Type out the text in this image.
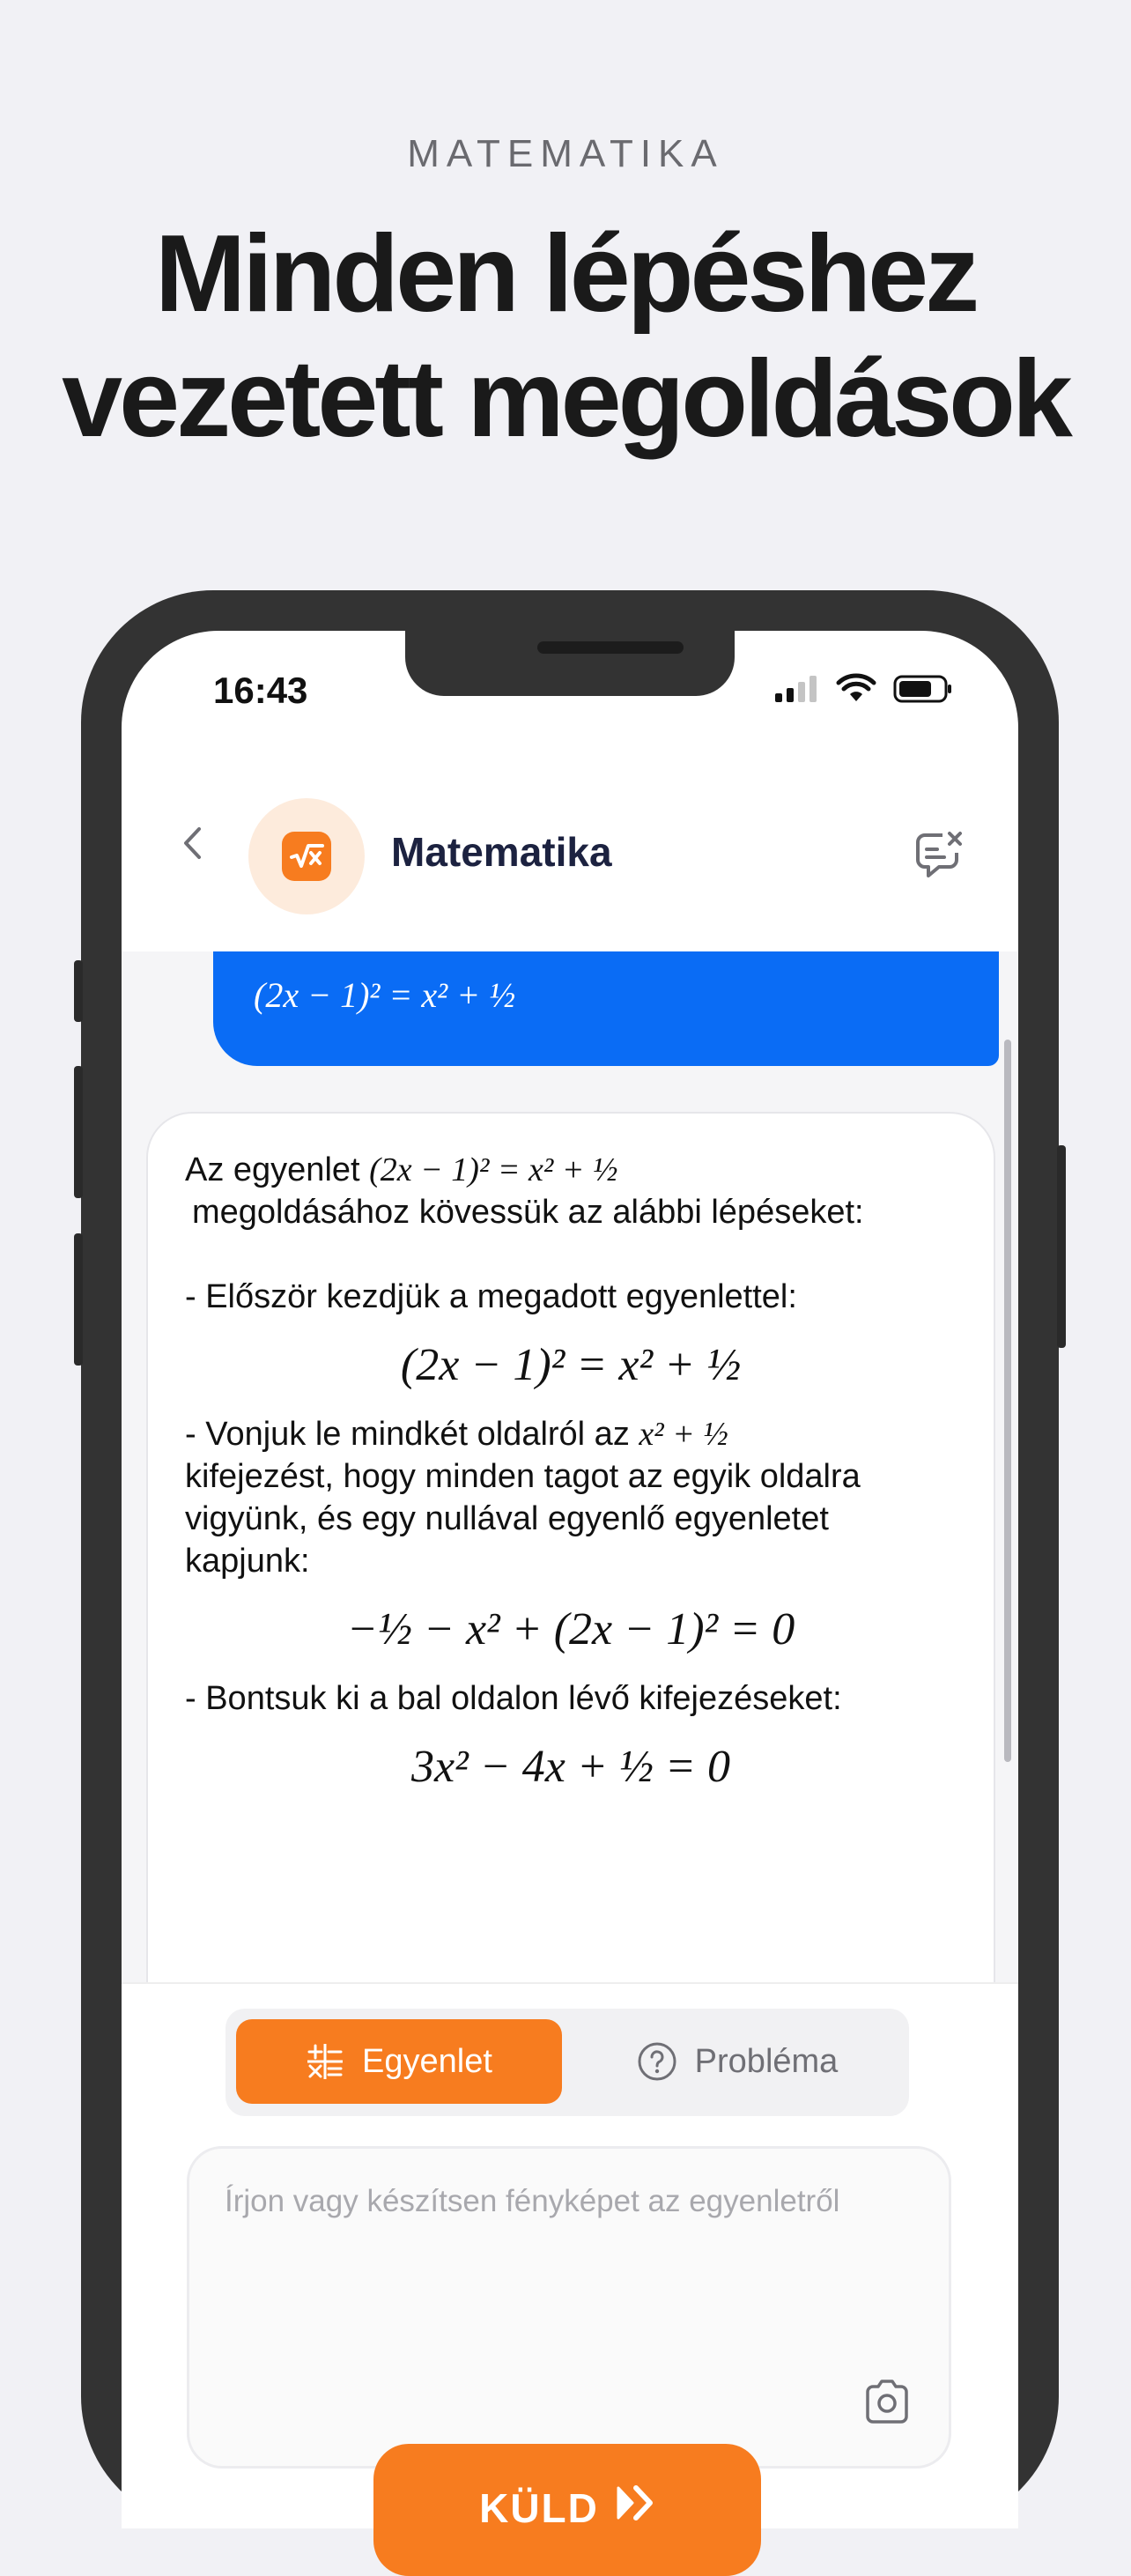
MATEMATIKA
Minden lépéshez
vezetett megoldások
16:43
Matematika
(2x − 1)² = x² + ½

Az egyenlet (2x − 1)² = x² + ½

megoldásához kövessük az alábbi lépéseket:

- Először kezdjük a megadott egyenlettel:

(2x − 1)² = x² + ½

- Vonjuk le mindkét oldalról az x² + ½

kifejezést, hogy minden tagot az egyik oldalra vigyünk, és egy nullával egyenlő egyenletet kapjunk:

−½ − x² + (2x − 1)² = 0

- Bontsuk ki a bal oldalon lévő kifejezéseket:

3x² − 4x + ½ = 0
Egyenlet	Probléma
Írjon vagy készítsen fényképet az egyenletről
KÜLD
